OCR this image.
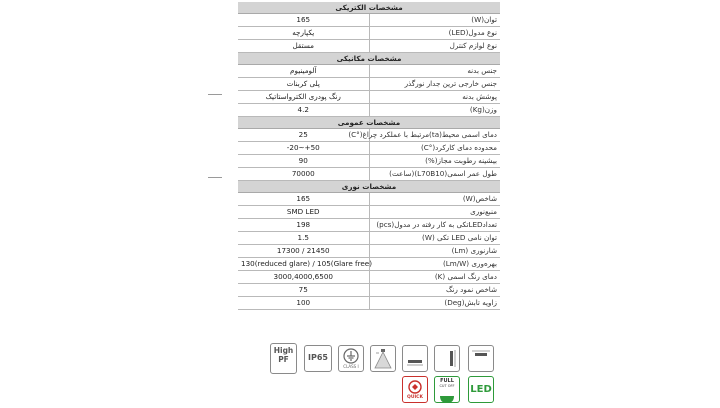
مشخصات الکتریکی	
165	توان(W)
یکپارچه	نوع مدول(LED)
مستقل	نوع لوازم کنترل
مشخصات مکانیکی	
آلومینیوم	جنس بدنه
پلی کربنات	جنس خارجی ترین جدار نورگذر
رنگ پودری الکترواستاتیک	پوشش بدنه
4.2	وزن(Kg)
مشخصات عمومی	
25	دمای اسمی محیط(ta)مرتبط با عملکرد چراغ(°C)
-20~+50	محدوده دمای کارکرد(°C)
90	بیشینه رطوبت مجاز(%)
70000	طول عمر اسمی(L70B10)(ساعت)
مشخصات نوری	
165	شاخص(W)
SMD LED	منبع‌نوری
198	تعدادLEDتکی به کار رفته در مدول(pcs)
1.5	توان نامی LED تکی (W)
17300 / 21450	شارنوری (Lm)
130(reduced glare) / 105(Glare free)	بهره‌وری (Lm/W)
3000,4000,6500	دمای رنگ اسمی (K)
75	شاخص نمود رنگ
100	زاویه تابش(Deg)
High
PF	IP65
CLASS I
QUICK
FULL
CUT OFF	LED
